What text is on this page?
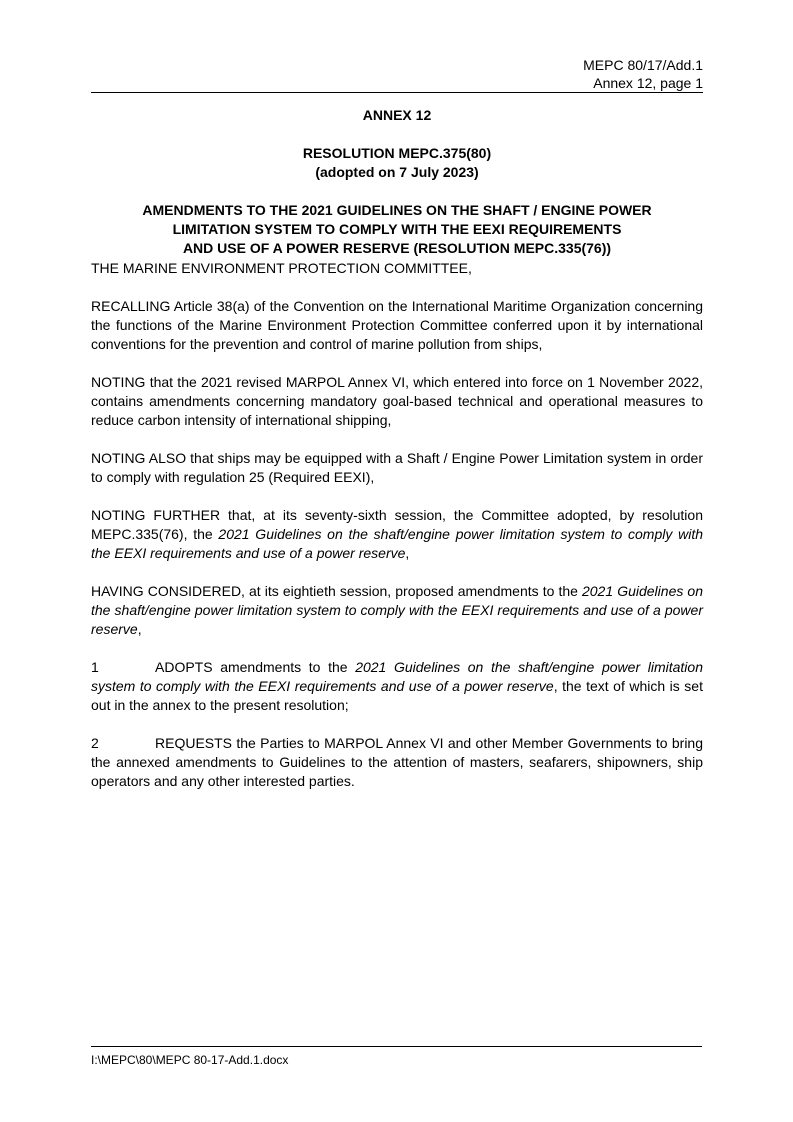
MEPC 80/17/Add.1
Annex 12, page 1
ANNEX 12
RESOLUTION MEPC.375(80)
(adopted on 7 July 2023)
AMENDMENTS TO THE 2021 GUIDELINES ON THE SHAFT / ENGINE POWER
LIMITATION SYSTEM TO COMPLY WITH THE EEXI REQUIREMENTS
AND USE OF A POWER RESERVE (RESOLUTION MEPC.335(76))

THE MARINE ENVIRONMENT PROTECTION COMMITTEE,

RECALLING Article 38(a) of the Convention on the International Maritime Organization concerning the functions of the Marine Environment Protection Committee conferred upon it by international conventions for the prevention and control of marine pollution from ships,

NOTING that the 2021 revised MARPOL Annex VI, which entered into force on 1 November 2022, contains amendments concerning mandatory goal-based technical and operational measures to reduce carbon intensity of international shipping,

NOTING ALSO that ships may be equipped with a Shaft / Engine Power Limitation system in order to comply with regulation 25 (Required EEXI),

NOTING FURTHER that, at its seventy-sixth session, the Committee adopted, by resolution MEPC.335(76), the 2021 Guidelines on the shaft/engine power limitation system to comply with the EEXI requirements and use of a power reserve,

HAVING CONSIDERED, at its eightieth session, proposed amendments to the 2021 Guidelines on the shaft/engine power limitation system to comply with the EEXI requirements and use of a power reserve,

1	ADOPTS amendments to the 2021 Guidelines on the shaft/engine power limitation system to comply with the EEXI requirements and use of a power reserve, the text of which is set out in the annex to the present resolution;

2	REQUESTS the Parties to MARPOL Annex VI and other Member Governments to bring the annexed amendments to Guidelines to the attention of masters, seafarers, shipowners, ship operators and any other interested parties.

I:\MEPC\80\MEPC 80-17-Add.1.docx
